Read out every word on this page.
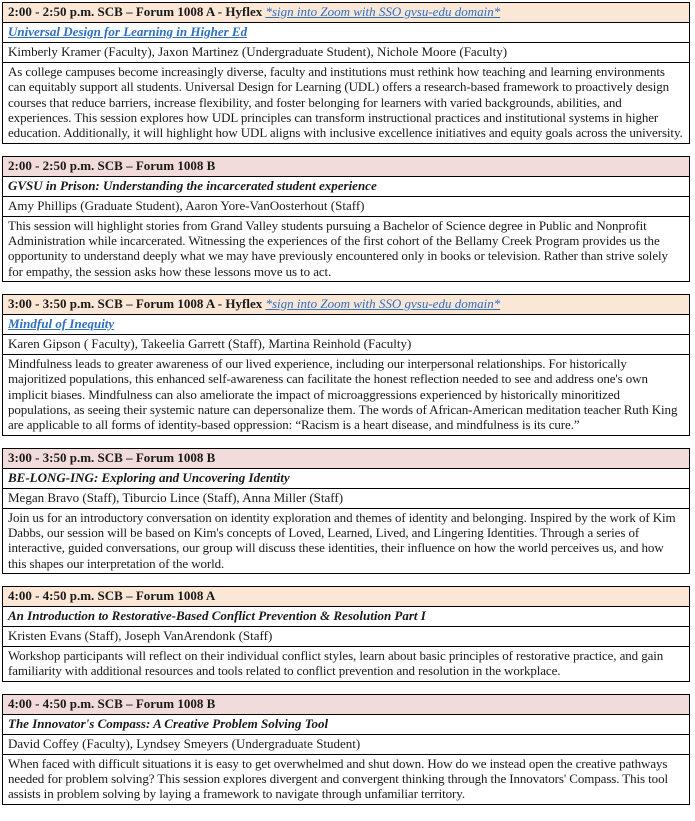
2:00 - 2:50 p.m. SCB – Forum 1008 A - Hyflex *sign into Zoom with SSO gvsu-edu domain*
Universal Design for Learning in Higher Ed
Kimberly Kramer (Faculty), Jaxon Martinez (Undergraduate Student), Nichole Moore (Faculty)
As college campuses become increasingly diverse, faculty and institutions must rethink how teaching and learning environments can equitably support all students. Universal Design for Learning (UDL) offers a research-based framework to proactively design courses that reduce barriers, increase flexibility, and foster belonging for learners with varied backgrounds, abilities, and experiences. This session explores how UDL principles can transform instructional practices and institutional systems in higher education. Additionally, it will highlight how UDL aligns with inclusive excellence initiatives and equity goals across the university.
2:00 - 2:50 p.m. SCB – Forum 1008 B
GVSU in Prison: Understanding the incarcerated student experience
Amy Phillips (Graduate Student), Aaron Yore-VanOosterhout (Staff)
This session will highlight stories from Grand Valley students pursuing a Bachelor of Science degree in Public and Nonprofit Administration while incarcerated. Witnessing the experiences of the first cohort of the Bellamy Creek Program provides us the opportunity to understand deeply what we may have previously encountered only in books or television. Rather than strive solely for empathy, the session asks how these lessons move us to act.
3:00 - 3:50 p.m. SCB – Forum 1008 A - Hyflex *sign into Zoom with SSO gvsu-edu domain*
Mindful of Inequity
Karen Gipson ( Faculty), Takeelia Garrett (Staff), Martina Reinhold (Faculty)
Mindfulness leads to greater awareness of our lived experience, including our interpersonal relationships. For historically majoritized populations, this enhanced self-awareness can facilitate the honest reflection needed to see and address one's own implicit biases. Mindfulness can also ameliorate the impact of microaggressions experienced by historically minoritized populations, as seeing their systemic nature can depersonalize them. The words of African-American meditation teacher Ruth King are applicable to all forms of identity-based oppression: “Racism is a heart disease, and mindfulness is its cure.”
3:00 - 3:50 p.m. SCB – Forum 1008 B
BE-LONG-ING: Exploring and Uncovering Identity
Megan Bravo (Staff), Tiburcio Lince (Staff), Anna Miller (Staff)
Join us for an introductory conversation on identity exploration and themes of identity and belonging. Inspired by the work of Kim Dabbs, our session will be based on Kim's concepts of Loved, Learned, Lived, and Lingering Identities. Through a series of interactive, guided conversations, our group will discuss these identities, their influence on how the world perceives us, and how this shapes our interpretation of the world.
4:00 - 4:50 p.m. SCB – Forum 1008 A
An Introduction to Restorative-Based Conflict Prevention & Resolution Part I
Kristen Evans (Staff), Joseph VanArendonk (Staff)
Workshop participants will reflect on their individual conflict styles, learn about basic principles of restorative practice, and gain familiarity with additional resources and tools related to conflict prevention and resolution in the workplace.
4:00 - 4:50 p.m. SCB – Forum 1008 B
The Innovator's Compass: A Creative Problem Solving Tool
David Coffey (Faculty), Lyndsey Smeyers (Undergraduate Student)
When faced with difficult situations it is easy to get overwhelmed and shut down. How do we instead open the creative pathways needed for problem solving? This session explores divergent and convergent thinking through the Innovators' Compass. This tool assists in problem solving by laying a framework to navigate through unfamiliar territory.
